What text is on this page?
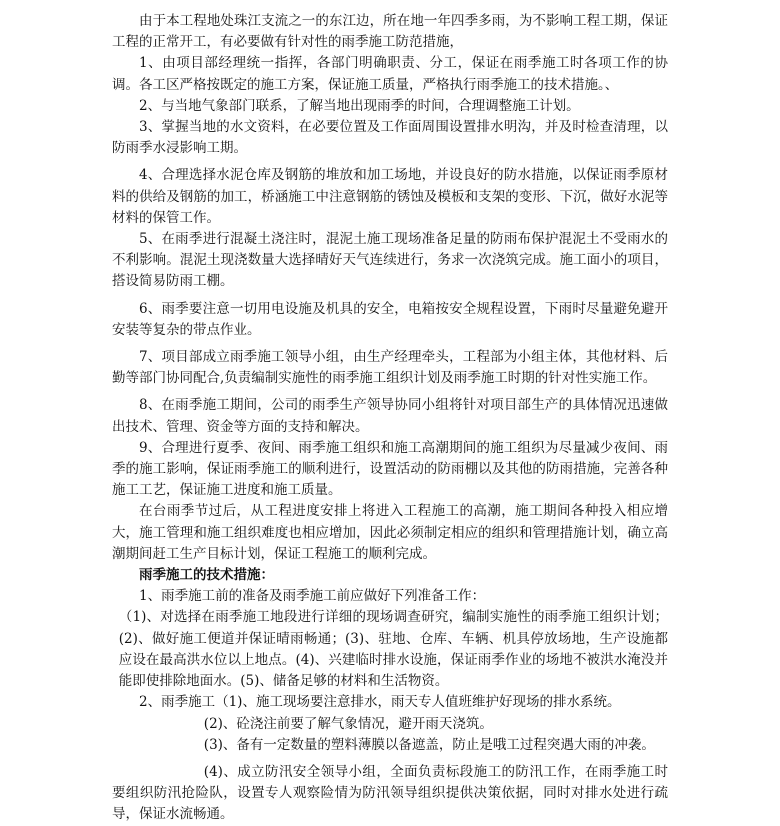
由于本工程地处珠江支流之一的东江边，所在地一年四季多雨，为不影响工程工期，保证工程的正常开工，有必要做有针对性的雨季施工防范措施，

1、由项目部经理统一指挥，各部门明确职责、分工，保证在雨季施工时各项工作的协调。各工区严格按既定的施工方案，保证施工质量，严格执行雨季施工的技术措施。、

2、与当地气象部门联系，了解当地出现雨季的时间，合理调整施工计划。

3、掌握当地的水文资料，在必要位置及工作面周围设置排水明沟，并及时检查清理，以防雨季水浸影响工期。

4、合理选择水泥仓库及钢筋的堆放和加工场地，并设良好的防水措施，以保证雨季原材料的供给及钢筋的加工，桥涵施工中注意钢筋的锈蚀及模板和支架的变形、下沉，做好水泥等材料的保管工作。

5、在雨季进行混凝土浇注时，混泥土施工现场准备足量的防雨布保护混泥土不受雨水的不利影响。混泥土现浇数量大选择晴好天气连续进行，务求一次浇筑完成。施工面小的项目，搭设简易防雨工棚。

6、雨季要注意一切用电设施及机具的安全，电箱按安全规程设置，下雨时尽量避免避开安装等复杂的带点作业。

7、项目部成立雨季施工领导小组，由生产经理牵头，工程部为小组主体，其他材料、后勤等部门协同配合,负责编制实施性的雨季施工组织计划及雨季施工时期的针对性实施工作。

8、在雨季施工期间，公司的雨季生产领导协同小组将针对项目部生产的具体情况迅速做出技术、管理、资金等方面的支持和解决。

9、合理进行夏季、夜间、雨季施工组织和施工高潮期间的施工组织为尽量减少夜间、雨季的施工影响，保证雨季施工的顺利进行，设置活动的防雨棚以及其他的防雨措施，完善各种施工工艺，保证施工进度和施工质量。

在台雨季节过后，从工程进度安排上将进入工程施工的高潮，施工期间各种投入相应增大，施工管理和施工组织难度也相应增加，因此必须制定相应的组织和管理措施计划，确立高潮期间赶工生产目标计划，保证工程施工的顺利完成。

雨季施工的技术措施：

1、雨季施工前的准备及雨季施工前应做好下列准备工作：

（1)、对选择在雨季施工地段进行详细的现场调查研究，编制实施性的雨季施工组织计划；(2)、做好施工便道并保证晴雨畅通；(3)、驻地、仓库、车辆、机具停放场地，生产设施都应设在最高洪水位以上地点。(4)、兴建临时排水设施，保证雨季作业的场地不被洪水淹没并能即使排除地面水。(5)、储备足够的材料和生活物资。

2、雨季施工（1)、施工现场要注意排水，雨天专人值班维护好现场的排水系统。

(2)、砼浇注前要了解气象情况，避开雨天浇筑。

(3)、备有一定数量的塑料薄膜以备遮盖，防止是哦工过程突遇大雨的冲袭。

(4)、成立防汛安全领导小组，全面负责标段施工的防汛工作，在雨季施工时要组织防汛抢险队，设置专人观察险情为防汛领导组织提供决策依据，同时对排水处进行疏导，保证水流畅通。
